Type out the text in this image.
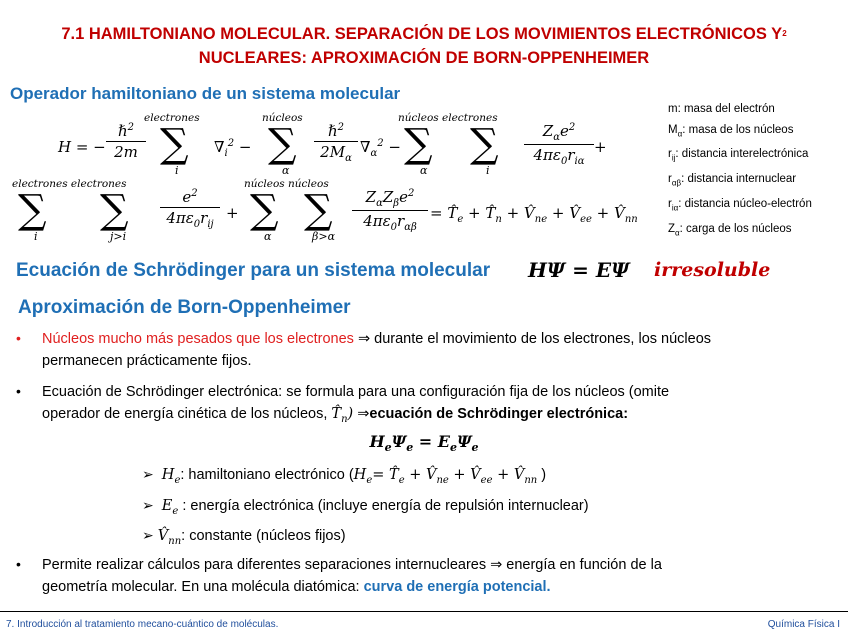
7.1 HAMILTONIANO MOLECULAR. SEPARACIÓN DE LOS MOVIMIENTOS ELECTRÓNICOS $Y^2$
NUCLEARES: APROXIMACIÓN DE BORN-OPPENHEIMER
Operador hamiltoniano de un sistema molecular
m: masa del electrón
$M_\alpha$: masa de los núcleos
$r_{ij}$: distancia interelectrónica
$r_{\alpha\beta}$: distancia internuclear
$r_{i\alpha}$: distancia núcleo-electrón
$Z_\alpha$: carga de los núcleos
H = −
ℏ$^2$
2m
electrones
∑
i
$\nabla_i^2$ −
núcleos
∑
α
ℏ$^2$
$2M_\alpha$
$\nabla_\alpha^2$ −
núcleos electrones
∑
α
∑
i
$Z_\alpha e^2$
$4\pi\varepsilon_0r_{i\alpha}$
+
electrones electrones
∑
i
∑
j>i
$e^2$
$4\pi\varepsilon_0r_{ij}$
+
núcleos núcleos
∑
α
∑
β>α
$Z_\alpha Z_\beta e^2$
$4\pi\varepsilon_0r_{\alpha\beta}$
= $T̂_e$ + $T̂_n$ + $V̂_{ne}$ + $V̂_{ee}$ + $V̂_{nn}$
Ecuación de Schrödinger para un sistema molecular HΨ = EΨ irresoluble
Aproximación de Born-Oppenheimer
• Núcleos mucho más pesados que los electrones ⇒ durante el movimiento de los electrones, los núcleos
permanecen prácticamente fijos.
• Ecuación de Schrödinger electrónica: se formula para una configuración fija de los núcleos (omite
operador de energía cinética de los núcleos, $T̂_n$) ⇒ecuación de Schrödinger electrónica:
$H_e\Psi_e = E_e\Psi_e$
➢ $H_e$: hamiltoniano electrónico ($H_e=$ $T̂_e$ + $V̂_{ne}$ + $V̂_{ee}$ + $V̂_{nn}$ )
➢ $E_e$ : energía electrónica (incluye energía de repulsión internuclear)
➢ $V̂_{nn}$: constante (núcleos fijos)
• Permite realizar cálculos para diferentes separaciones internucleares ⇒ energía en función de la
geometría molecular. En una molécula diatómica: curva de energía potencial.
7. Introducción al tratamiento mecano-cuántico de moléculas.	Química Física I
